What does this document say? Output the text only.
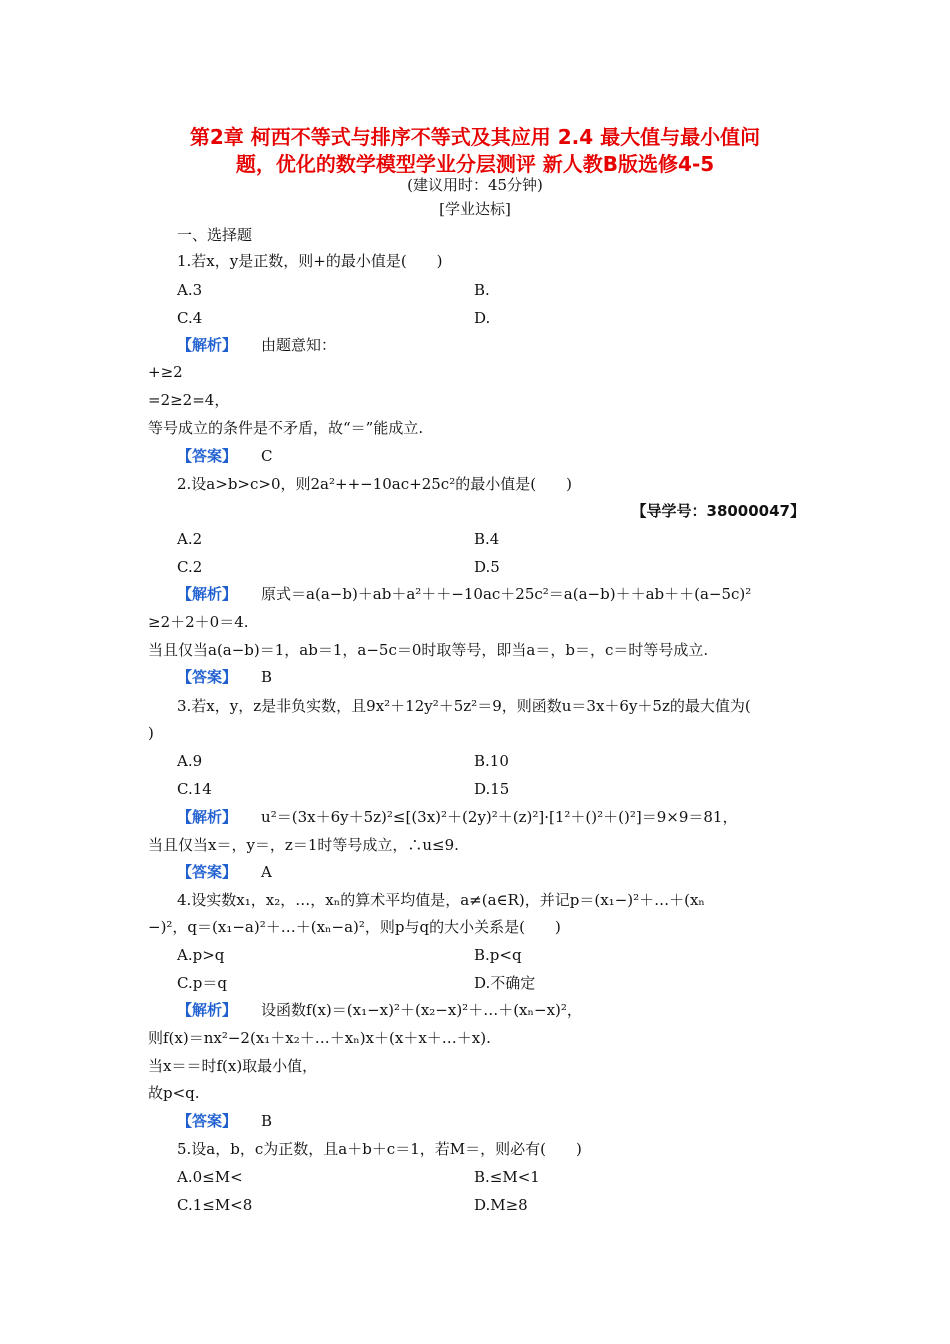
第2章 柯西不等式与排序不等式及其应用 2.4 最大值与最小值问
题，优化的数学模型学业分层测评 新人教B版选修4-5
(建议用时：45分钟)
[学业达标]
一、选择题
1.若x，y是正数，则+的最小值是(　　)
A.3	B.
C.4	D.
【 解析 】	由题意知：
+≥2
=2≥2=4，
等号成立的条件是不矛盾，故“＝”能成立.
【 答案 】	C
2.设a>b>c>0，则2a²++−10ac+25c²的最小值是(　　)
【导学号：38000047】
A.2	B.4
C.2	D.5
【 解析 】	原式＝a(a−b)＋ab＋a²＋＋−10ac＋25c²＝a(a−b)＋＋ab＋＋(a−5c)²
≥2＋2＋0＝4.
当且仅当a(a−b)＝1，ab＝1，a−5c＝0时取等号，即当a＝，b＝，c＝时等号成立.
【 答案 】	B
3.若x，y，z是非负实数，且9x²＋12y²＋5z²＝9，则函数u＝3x＋6y＋5z的最大值为(
)
A.9	B.10
C.14	D.15
【 解析 】	u²＝(3x＋6y＋5z)²≤[(3x)²＋(2y)²＋(z)²]·[1²＋()²＋()²]＝9×9＝81，
当且仅当x＝，y＝，z＝1时等号成立，∴u≤9.
【 答案 】	A
4.设实数x₁，x₂，…，xₙ的算术平均值是，a≠(a∈R)，并记p＝(x₁−)²＋…＋(xₙ
−)²，q＝(x₁−a)²＋…＋(xₙ−a)²，则p与q的大小关系是(　　)
A.p>q	B.p<q
C.p＝q	D.不确定
【 解析 】	设函数f(x)＝(x₁−x)²＋(x₂−x)²＋…＋(xₙ−x)²，
则f(x)＝nx²−2(x₁＋x₂＋…＋xₙ)x＋(x＋x＋…＋x).
当x＝＝时f(x)取最小值，
故p<q.
【 答案 】	B
5.设a，b，c为正数，且a＋b＋c＝1，若M＝，则必有(　　)
A.0≤M<	B.≤M<1
C.1≤M<8	D.M≥8
